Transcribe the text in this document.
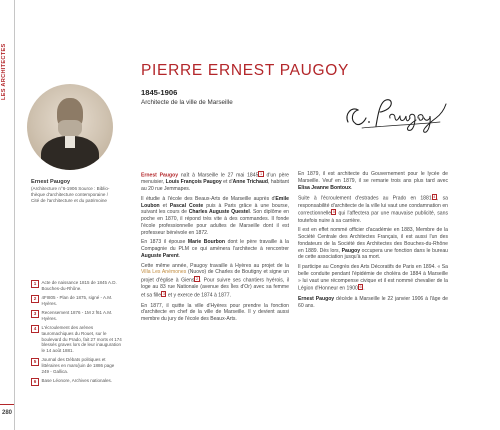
LES ARCHITECTES
280
Ernest Paugoy
(Architecture n°6-1906 Source : Biblio-thèque d'architecture contemporaine / Cité de l'architecture et du patrimoine
1	Acte de naissance 1815 de 1845 A.D. Bouches-du-Rhône.
2	4FI805 - Plan de 1875, signé - A.M. Hyères.
3	Recensement 1876 - 1M 2 f61 A.M. Hyères.
4	L'écroulement des arènes tauromachiques du Rouet, sur le boulevard du Prado, fait 27 morts et 174 blessés graves lors de leur inauguration le 14 août 1881.
5	Journal des Débats politiques et littéraires en mars/juin de 1886 page 249 - Gallica.
6	Base Léonore, Archives nationales.
PIERRE ERNEST PAUGOY
1845-1906
Architecte de la ville de Marseille

Ernest Paugoy naît à Marseille le 27 mai 1845 1 d'un père menuisier, Louis François Paugoy et d'Anne Trichaud, habitant au 20 rue Jemmapes.

Il étudie à l'école des Beaux-Arts de Marseille auprès d'Emile Loubon et Pascal Coste puis à Paris grâce à une bourse, suivant les cours de Charles Auguste Questel. Son diplôme en poche en 1870, il répond très vite à des commandes. Il fonde l'école professionnelle pour adultes de Marseille dont il est professeur bénévole en 1872.

En 1873 il épouse Marie Bourbon dont le père travaille à la Compagnie du PLM ce qui amènera l'architecte à rencontrer Auguste Parent.

Cette même année, Paugoy travaille à Hyères au projet de la Villa Les Anémones (Nuovo) de Charles de Boutigny et signe un projet d'église à Giens 2 . Pour suivre ses chantiers hyérois, il loge au 83 rue Nationale (avenue des Îles d'Or) avec sa femme et sa fille 3 et y exerce de 1874 à 1877.

En 1877, il quitte la ville d'Hyères pour prendre la fonction d'architecte en chef de la ville de Marseille. Il y devient aussi membre du jury de l'école des Beaux-Arts.

En 1879, il est architecte du Gouvernement pour le lycée de Marseille. Veuf en 1879, il se remarie trois ans plus tard avec Elisa Jeanne Bontoux.

Suite à l'écroulement d'estrades au Prado en 1881 4 , sa responsabilité d'architecte de la ville lui vaut une condamnation en correctionnelle 5 qui l'affectera par une mauvaise publicité, sans toutefois nuire à sa carrière.

Il est en effet nommé officier d'académie en 1883, Membre de la Société Centrale des Architectes Français, il est aussi l'un des fondateurs de la Société des Architectes des Bouches-du-Rhône en 1889. Dès lors, Paugoy occupera une fonction dans le bureau de cette association jusqu'à sa mort.

Il participe au Congrès des Arts Décoratifs de Paris en 1894. « Sa belle conduite pendant l'épidémie de choléra de 1884 à Marseille » lui vaut une récompense civique et il est nommé chevalier de la Légion d'Honneur en 1900 6 .

Ernest Paugoy décède à Marseille le 22 janvier 1906 à l'âge de 60 ans.
